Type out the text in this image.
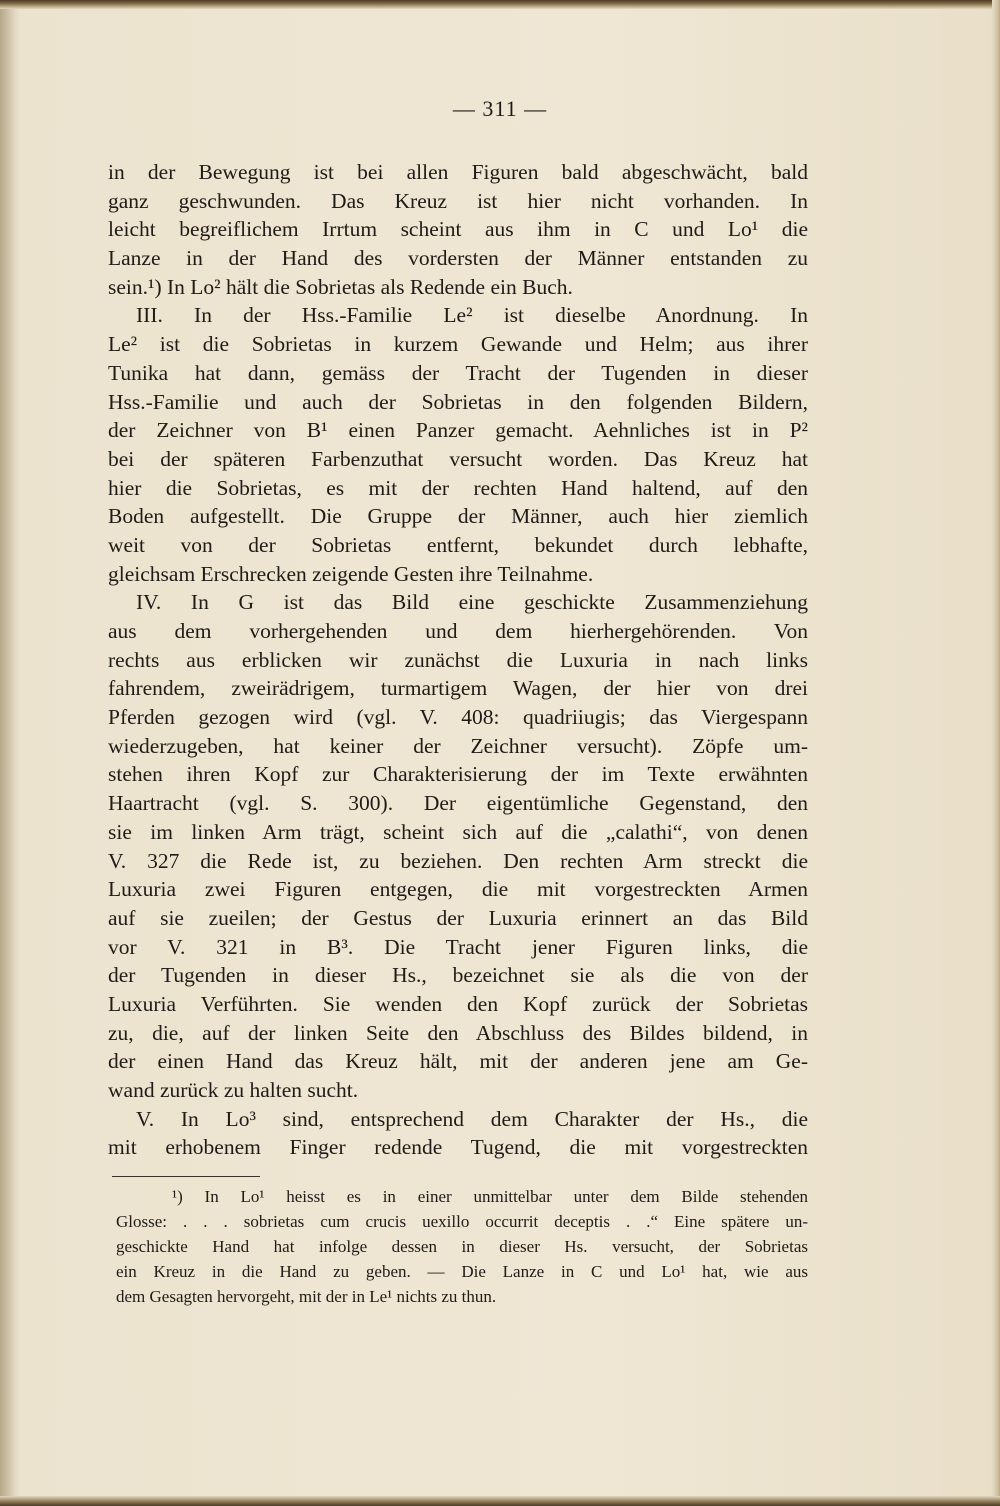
— 311 —
in der Bewegung ist bei allen Figuren bald abgeschwächt, bald
ganz geschwunden. Das Kreuz ist hier nicht vorhanden. In
leicht begreiflichem Irrtum scheint aus ihm in C und Lo¹ die
Lanze in der Hand des vordersten der Männer entstanden zu
sein.¹) In Lo² hält die Sobrietas als Redende ein Buch.
III. In der Hss.-Familie Le² ist dieselbe Anordnung. In
Le² ist die Sobrietas in kurzem Gewande und Helm; aus ihrer
Tunika hat dann, gemäss der Tracht der Tugenden in dieser
Hss.-Familie und auch der Sobrietas in den folgenden Bildern,
der Zeichner von B¹ einen Panzer gemacht. Aehnliches ist in P²
bei der späteren Farbenzuthat versucht worden. Das Kreuz hat
hier die Sobrietas, es mit der rechten Hand haltend, auf den
Boden aufgestellt. Die Gruppe der Männer, auch hier ziemlich
weit von der Sobrietas entfernt, bekundet durch lebhafte,
gleichsam Erschrecken zeigende Gesten ihre Teilnahme.
IV. In G ist das Bild eine geschickte Zusammenziehung
aus dem vorhergehenden und dem hierhergehörenden. Von
rechts aus erblicken wir zunächst die Luxuria in nach links
fahrendem, zweirädrigem, turmartigem Wagen, der hier von drei
Pferden gezogen wird (vgl. V. 408: quadriiugis; das Viergespann
wiederzugeben, hat keiner der Zeichner versucht). Zöpfe um-
stehen ihren Kopf zur Charakterisierung der im Texte erwähnten
Haartracht (vgl. S. 300). Der eigentümliche Gegenstand, den
sie im linken Arm trägt, scheint sich auf die „calathi“, von denen
V. 327 die Rede ist, zu beziehen. Den rechten Arm streckt die
Luxuria zwei Figuren entgegen, die mit vorgestreckten Armen
auf sie zueilen; der Gestus der Luxuria erinnert an das Bild
vor V. 321 in B³. Die Tracht jener Figuren links, die
der Tugenden in dieser Hs., bezeichnet sie als die von der
Luxuria Verführten. Sie wenden den Kopf zurück der Sobrietas
zu, die, auf der linken Seite den Abschluss des Bildes bildend, in
der einen Hand das Kreuz hält, mit der anderen jene am Ge-
wand zurück zu halten sucht.
V. In Lo³ sind, entsprechend dem Charakter der Hs., die
mit erhobenem Finger redende Tugend, die mit vorgestreckten
¹) In Lo¹ heisst es in einer unmittelbar unter dem Bilde stehenden
Glosse: . . . sobrietas cum crucis uexillo occurrit deceptis . .“ Eine spätere un-
geschickte Hand hat infolge dessen in dieser Hs. versucht, der Sobrietas
ein Kreuz in die Hand zu geben. — Die Lanze in C und Lo¹ hat, wie aus
dem Gesagten hervorgeht, mit der in Le¹ nichts zu thun.
